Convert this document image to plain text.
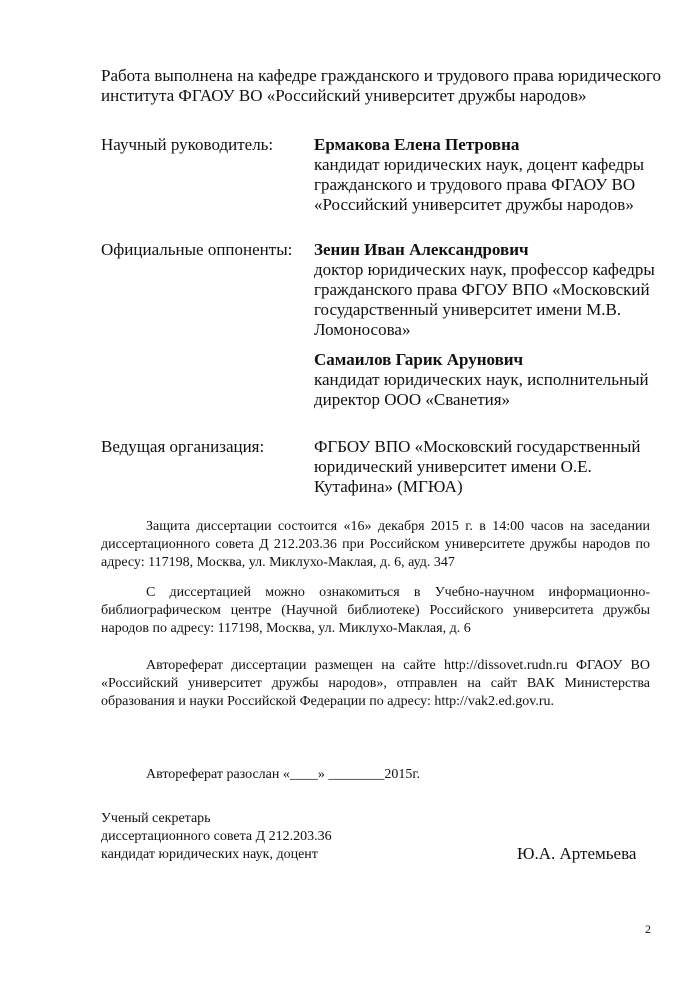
Работа выполнена на кафедре гражданского и трудового права юридического
института ФГАОУ ВО «Российский университет дружбы народов»
Научный руководитель: Ермакова Елена Петровна
кандидат юридических наук, доцент кафедры
гражданского и трудового права ФГАОУ ВО
«Российский университет дружбы народов»
Официальные оппоненты: Зенин Иван Александрович
доктор юридических наук, профессор кафедры
гражданского права ФГОУ ВПО «Московский
государственный университет имени М.В.
Ломоносова»
Самаилов Гарик Арунович
кандидат юридических наук, исполнительный
директор ООО «Сванетия»
Ведущая организация:	ФГБОУ ВПО «Московский государственный
юридический университет имени О.Е.
Кутафина» (МГЮА)
Защита диссертации состоится «16» декабря 2015 г. в 14:00 часов на заседании диссертационного совета Д 212.203.36 при Российском университете дружбы народов по адресу: 117198, Москва, ул. Миклухо-Маклая, д. 6, ауд. 347
С диссертацией можно ознакомиться в Учебно-научном информационно-библиографическом центре (Научной библиотеке) Российского университета дружбы народов по адресу: 117198, Москва, ул. Миклухо-Маклая, д. 6
Автореферат диссертации размещен на сайте http://dissovet.rudn.ru ФГАОУ ВО «Российский университет дружбы народов», отправлен на сайт ВАК Министерства образования и науки Российской Федерации по адресу: http://vak2.ed.gov.ru.
Автореферат разослан «____» ________2015г.
Ученый секретарь
диссертационного совета Д 212.203.36
кандидат юридических наук, доцент	Ю.А. Артемьева
2
